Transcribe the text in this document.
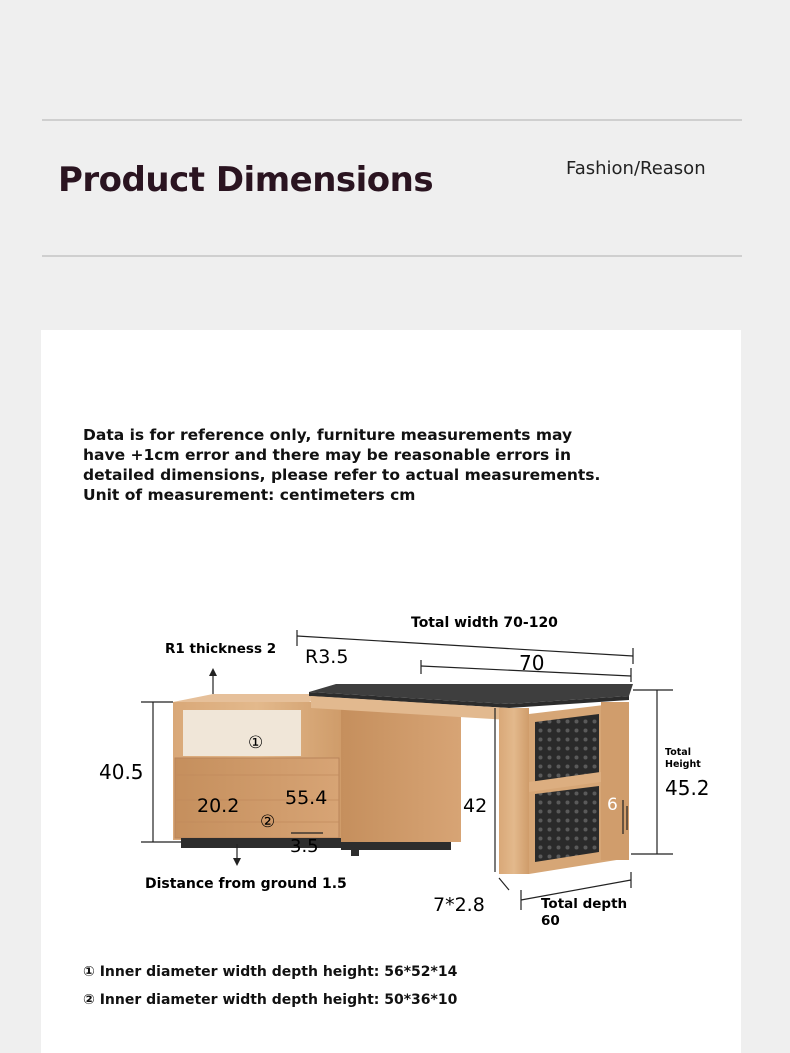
Product Dimensions	Fashion/Reason

Data is for reference only, furniture measurements may have +1cm error and there may be reasonable errors in detailed dimensions, please refer to actual measurements. Unit of measurement: centimeters cm

Total width 70-120
R1 thickness 2 R3.5	70
40.5
20.2 55.4	42	6
3.5
Total
Height
45.2
Distance from ground 1.5
7*2.8	Total depth
60
①
②

① Inner diameter width depth height: 56*52*14

② Inner diameter width depth height: 50*36*10
